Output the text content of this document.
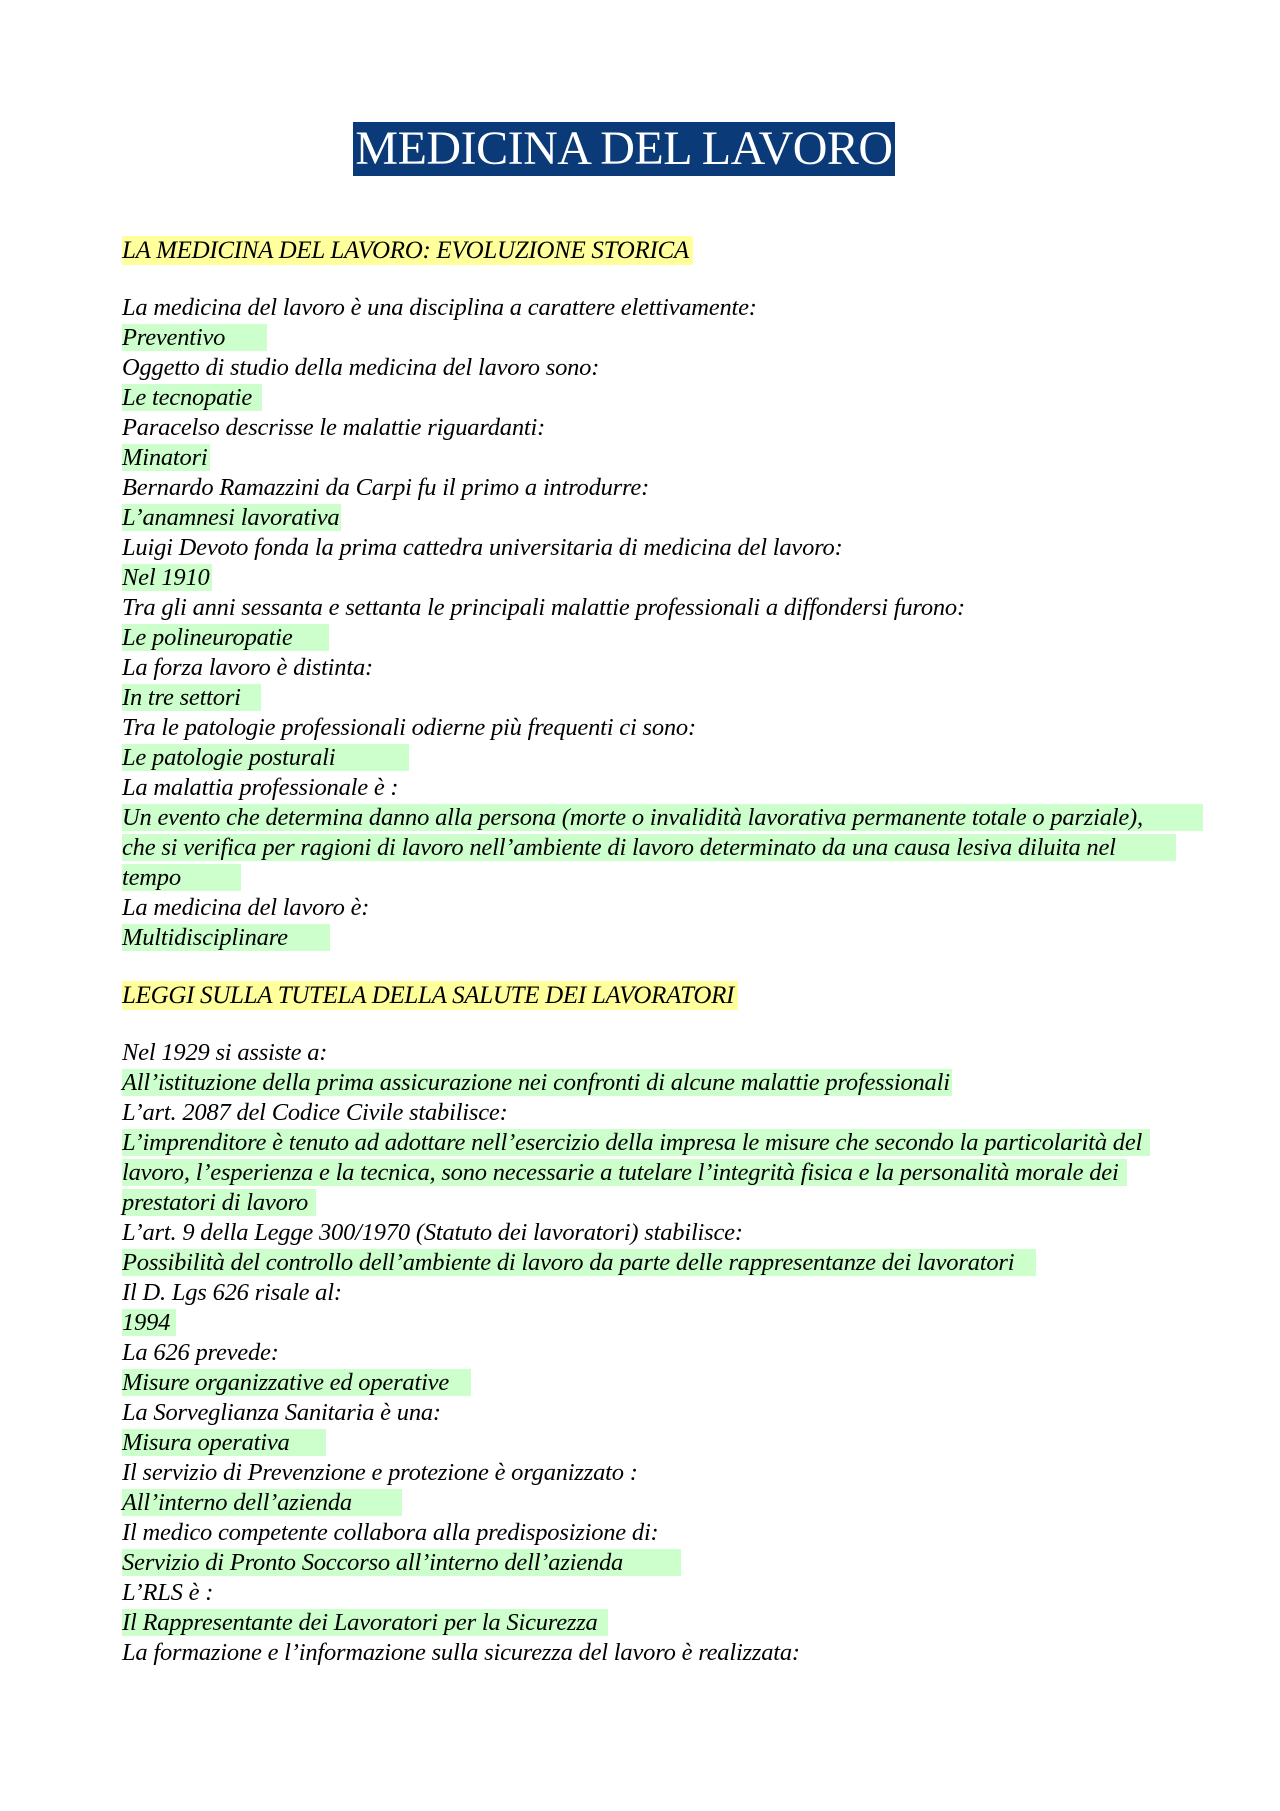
MEDICINA DEL LAVORO
LA MEDICINA DEL LAVORO: EVOLUZIONE STORICA

La medicina del lavoro è una disciplina a carattere elettivamente:

Preventivo

Oggetto di studio della medicina del lavoro sono:

Le tecnopatie

Paracelso descrisse le malattie riguardanti:

Minatori

Bernardo Ramazzini da Carpi fu il primo a introdurre:

L’anamnesi lavorativa

Luigi Devoto fonda la prima cattedra universitaria di medicina del lavoro:

Nel 1910

Tra gli anni sessanta e settanta le principali malattie professionali a diffondersi furono:

Le polineuropatie

La forza lavoro è distinta:

In tre settori

Tra le patologie professionali odierne più frequenti ci sono:

Le patologie posturali

La malattia professionale è :

Un evento che determina danno alla persona (morte o invalidità lavorativa permanente totale o parziale), che si verifica per ragioni di lavoro nell’ambiente di lavoro determinato da una causa lesiva diluita nel tempo

La medicina del lavoro è:

Multidisciplinare

LEGGI SULLA TUTELA DELLA SALUTE DEI LAVORATORI

Nel 1929 si assiste a:

All’istituzione della prima assicurazione nei confronti di alcune malattie professionali

L’art. 2087 del Codice Civile stabilisce:

L’imprenditore è tenuto ad adottare nell’esercizio della impresa le misure che secondo la particolarità del lavoro, l’esperienza e la tecnica, sono necessarie a tutelare l’integrità fisica e la personalità morale dei prestatori di lavoro

L’art. 9 della Legge 300/1970 (Statuto dei lavoratori) stabilisce:

Possibilità del controllo dell’ambiente di lavoro da parte delle rappresentanze dei lavoratori

Il D. Lgs 626 risale al:

1994

La 626 prevede:

Misure organizzative ed operative

La Sorveglianza Sanitaria è una:

Misura operativa

Il servizio di Prevenzione e protezione è organizzato :

All’interno dell’azienda

Il medico competente collabora alla predisposizione di:

Servizio di Pronto Soccorso all’interno dell’azienda

L’RLS è :

Il Rappresentante dei Lavoratori per la Sicurezza

La formazione e l’informazione sulla sicurezza del lavoro è realizzata:
